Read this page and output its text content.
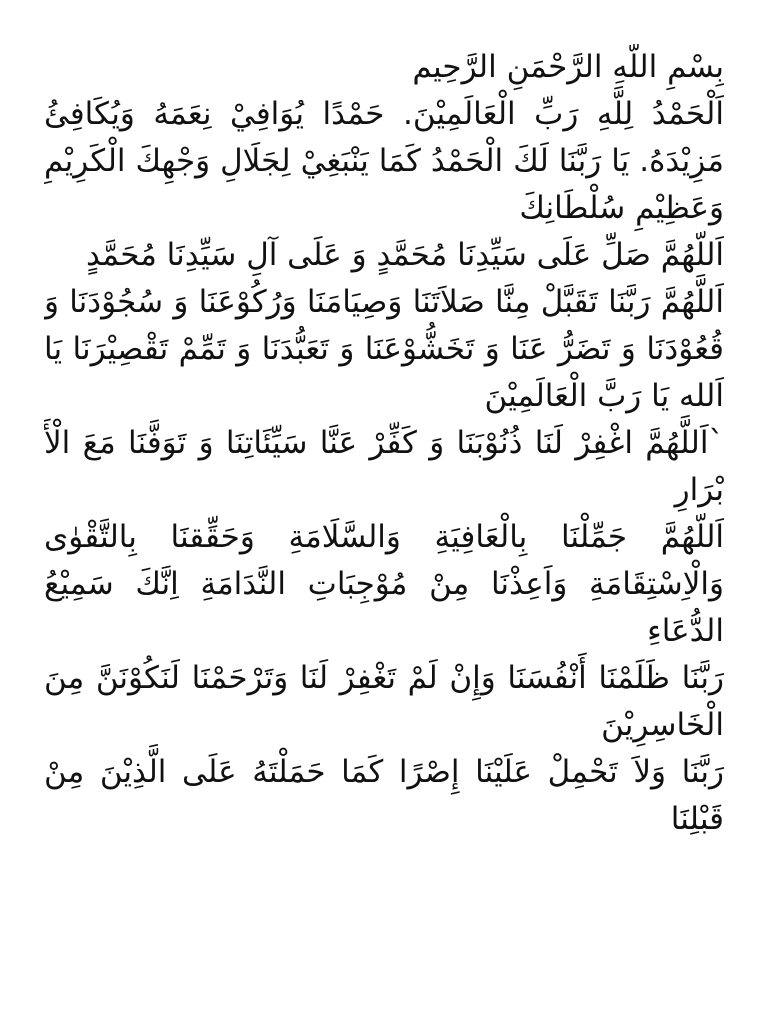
بِسْمِ اللَّهِ الرَّحْمَنِ الرَّحِيم

اَلْحَمْدُ لِلَّهِ رَبِّ الْعَالَمِيْنَ. حَمْدًا يُوَافِيْ نِعَمَهُ وَيُكَافِئُ مَزِيْدَهُ. يَا رَبَّنَا لَكَ الْحَمْدُ كَمَا يَنْبَغِيْ لِجَلَالِ وَجْهِكَ الْكَرِيْمِ وَعَظِيْمِ سُلْطَانِكَ

اَللّهُمَّ صَلِّ عَلَى سَيِّدِنَا مُحَمَّدٍ وَ عَلَى آلِ سَيِّدِنَا مُحَمَّدٍ

اَللَّهُمَّ رَبَّنَا تَقَبَّلْ مِنَّا صَلاَتَنَا وَصِيَامَنَا وَرُكُوْعَنَا وَ سُجُوْدَنَا وَ قُعُوْدَنَا وَ تَضَرُّ عَنَا وَ تَخَشُّوْعَنَا وَ تَعَبُّدَنَا وَ تَمِّمْ تَقْصِيْرَنَا يَا اَلله يَا رَبَّ الْعَالَمِيْنَ

`اَللَّهُمَّ اغْفِرْ لَنَا ذُنُوْبَنَا وَ كَفِّرْ عَنَّا سَيِّئَاتِنَا وَ تَوَفَّنَا مَعَ الْأَ بْرَارِ

اَللّهُمَّ جَمِّلْنَا بِالْعَافِيَةِ وَالسَّلَامَةِ وَحَقِّقنَا بِالتَّقْوٰى وَالْاِسْتِقَامَةِ وَاَعِذْنَا مِنْ مُوْجِبَاتِ النَّدَامَةِ اِنَّكَ سَمِيْعُ الدُّعَاءِ

رَبَّنَا ظَلَمْنَا أَنْفُسَنَا وَإِنْ لَمْ تَغْفِرْ لَنَا وَتَرْحَمْنَا لَنَكُوْنَنَّ مِنَ الْخَاسِرِيْنَ

رَبَّنَا وَلاَ تَحْمِلْ عَلَيْنَا إِصْرًا كَمَا حَمَلْتَهُ عَلَى الَّذِيْنَ مِنْ قَبْلِنَا
